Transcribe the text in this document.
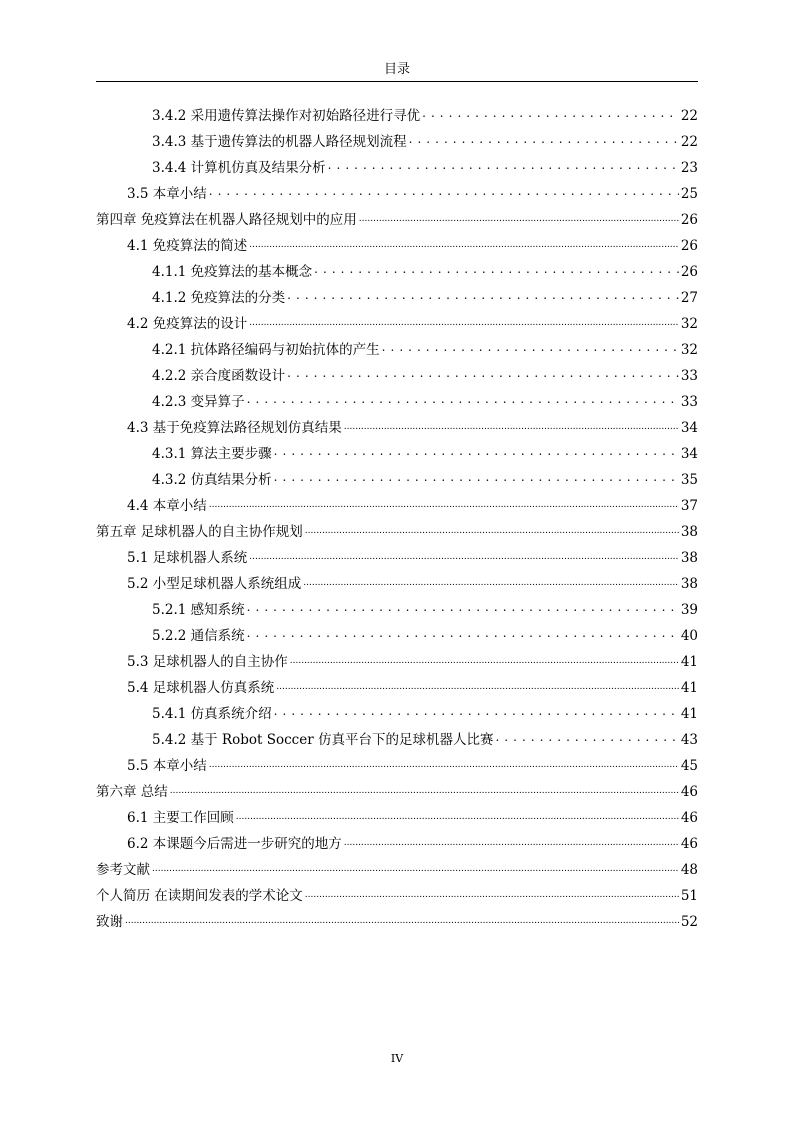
目录
3.4.2 采用遗传算法操作对初始路径进行寻优 . . .	22
3.4.3 基于遗传算法的机器人路径规划流程 . . .	22
3.4.4 计算机仿真及结果分析 . . .	23
3.5 本章小结 . . .	25
第四章 免疫算法在机器人路径规划中的应用 .....	26
4.1 免疫算法的简述 .....	26
4.1.1 免疫算法的基本概念 . . .	26
4.1.2 免疫算法的分类 . . .	27
4.2 免疫算法的设计 .....	32
4.2.1 抗体路径编码与初始抗体的产生 . . .	32
4.2.2 亲合度函数设计 . . .	33
4.2.3 变异算子 . . .	33
4.3 基于免疫算法路径规划仿真结果 .....	34
4.3.1 算法主要步骤 . . .	34
4.3.2 仿真结果分析 . . .	35
4.4 本章小结 .....	37
第五章 足球机器人的自主协作规划 .....	38
5.1 足球机器人系统 .....	38
5.2 小型足球机器人系统组成 .....	38
5.2.1 感知系统 . . .	39
5.2.2 通信系统 . . .	40
5.3 足球机器人的自主协作 .....	41
5.4 足球机器人仿真系统 .....	41
5.4.1 仿真系统介绍 . . .	41
5.4.2 基于 Robot Soccer 仿真平台下的足球机器人比赛 . . .	43
5.5 本章小结 .....	45
第六章 总结 .....	46
6.1 主要工作回顾 .....	46
6.2 本课题今后需进一步研究的地方 .....	46
参考文献 .....	48
个人简历 在读期间发表的学术论文 .....	51
致谢 .....	52
IV
